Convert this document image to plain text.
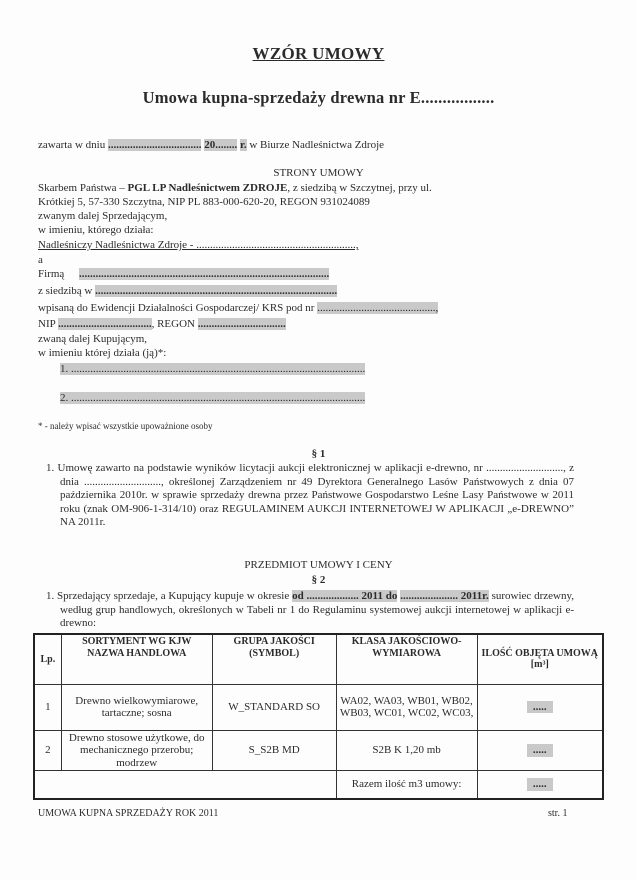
WZÓR UMOWY
Umowa kupna-sprzedaży drewna nr E.................
zawarta w dniu .................................. 20........ r. w Biurze Nadleśnictwa Zdroje
STRONY UMOWY
Skarbem Państwa – PGL LP Nadleśnictwem ZDROJE, z siedzibą w Szczytnej, przy ul.
Krótkiej 5, 57-330 Szczytna, NIP PL 883-000-620-20, REGON 931024089
zwanym dalej Sprzedającym,
w imieniu, którego działa:
Nadleśniczy Nadleśnictwa Zdroje - ..........................................................,
a
Firmą ...........................................................................................
z siedzibą w ........................................................................................
wpisaną do Ewidencji Działalności Gospodarczej/ KRS pod nr ...........................................,
NIP .................................., REGON ................................
zwaną dalej Kupującym,
w imieniu której działa (ją)*:
1. ...........................................................................................................
2. ...........................................................................................................
* - należy wpisać wszystkie upoważnione osoby
§ 1
1. Umowę zawarto na podstawie wyników licytacji aukcji elektronicznej w aplikacji e-drewno, nr ............................, z dnia ............................, określonej Zarządzeniem nr 49 Dyrektora Generalnego Lasów Państwowych z dnia 07 października 2010r. w sprawie sprzedaży drewna przez Państwowe Gospodarstwo Leśne Lasy Państwowe w 2011 roku (znak OM-906-1-314/10) oraz REGULAMINEM AUKCJI INTERNETOWEJ W APLIKACJI „e-DREWNO” NA 2011r.
PRZEDMIOT UMOWY I CENY
§ 2
1. Sprzedający sprzedaje, a Kupujący kupuje w okresie od ................... 2011 do ..................... 2011r. surowiec drzewny, według grup handlowych, określonych w Tabeli nr 1 do Regulaminu systemowej aukcji internetowej w aplikacji e-drewno:
Lp.	SORTYMENT WG KJW NAZWA HANDLOWA	GRUPA JAKOŚCI (SYMBOL)	KLASA JAKOŚCIOWO-WYMIAROWA	ILOŚĆ OBJĘTA UMOWĄ [m³]
1	Drewno wielkowymiarowe, tartaczne; sosna	W_STANDARD SO	WA02, WA03, WB01, WB02, WB03, WC01, WC02, WC03,	.....
2	Drewno stosowe użytkowe, do mechanicznego przerobu; modrzew	S_S2B MD	S2B K 1,20 mb	.....
			Razem ilość m3 umowy:	.....
UMOWA KUPNA SPRZEDAŻY ROK 2011	str. 1
